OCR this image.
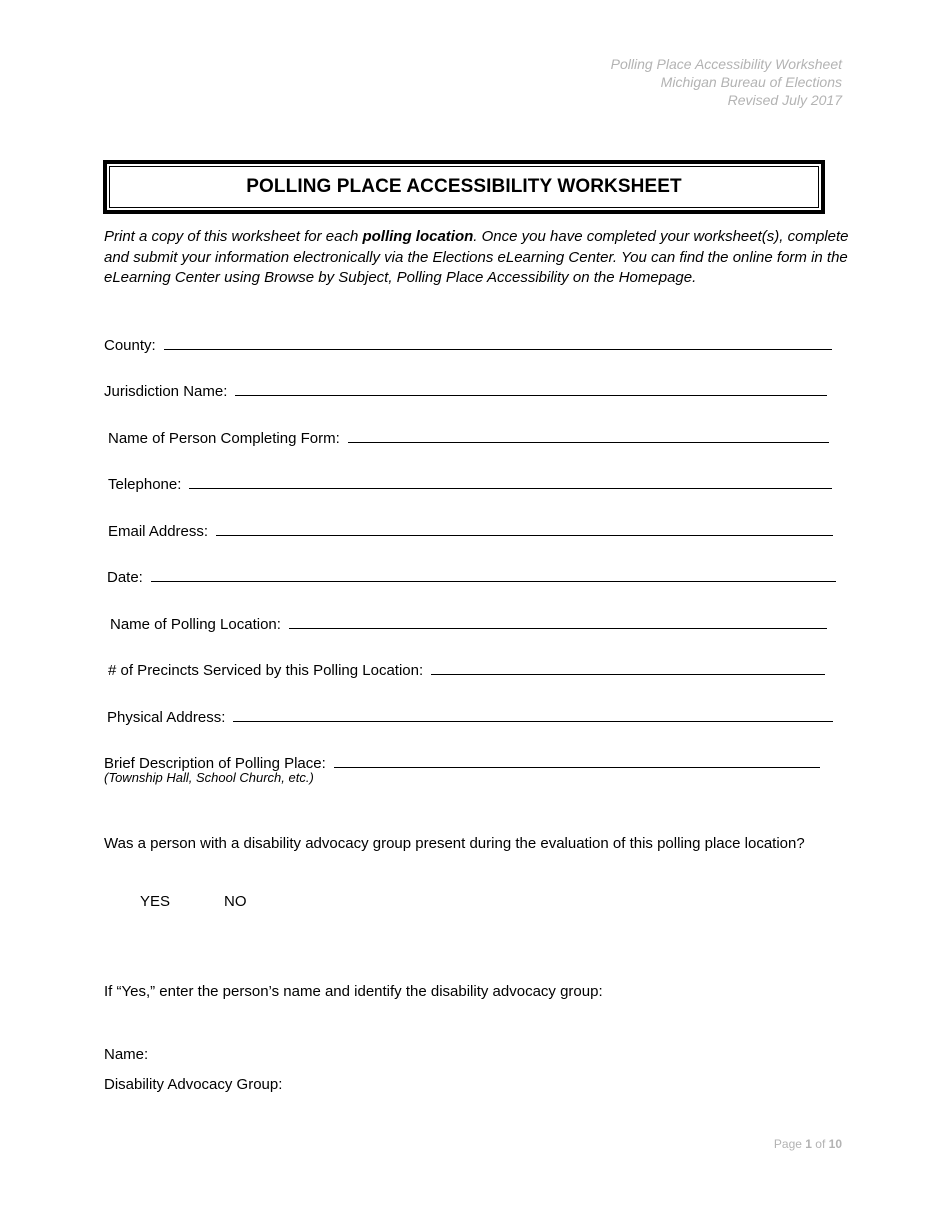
Polling Place Accessibility Worksheet
Michigan Bureau of Elections
Revised July 2017
POLLING PLACE ACCESSIBILITY WORKSHEET
Print a copy of this worksheet for each polling location. Once you have completed your worksheet(s), complete and submit your information electronically via the Elections eLearning Center. You can find the online form in the eLearning Center using Browse by Subject, Polling Place Accessibility on the Homepage.
County:
Jurisdiction Name:
Name of Person Completing Form:
Telephone:
Email Address:
Date:
Name of Polling Location:
# of Precincts Serviced by this Polling Location:
Physical Address:
Brief Description of Polling Place:
(Township Hall, School Church, etc.)
Was a person with a disability advocacy group present during the evaluation of this polling place location?
YES	NO
If “Yes,” enter the person’s name and identify the disability advocacy group:
Name:
Disability Advocacy Group:
Page 1 of 10
